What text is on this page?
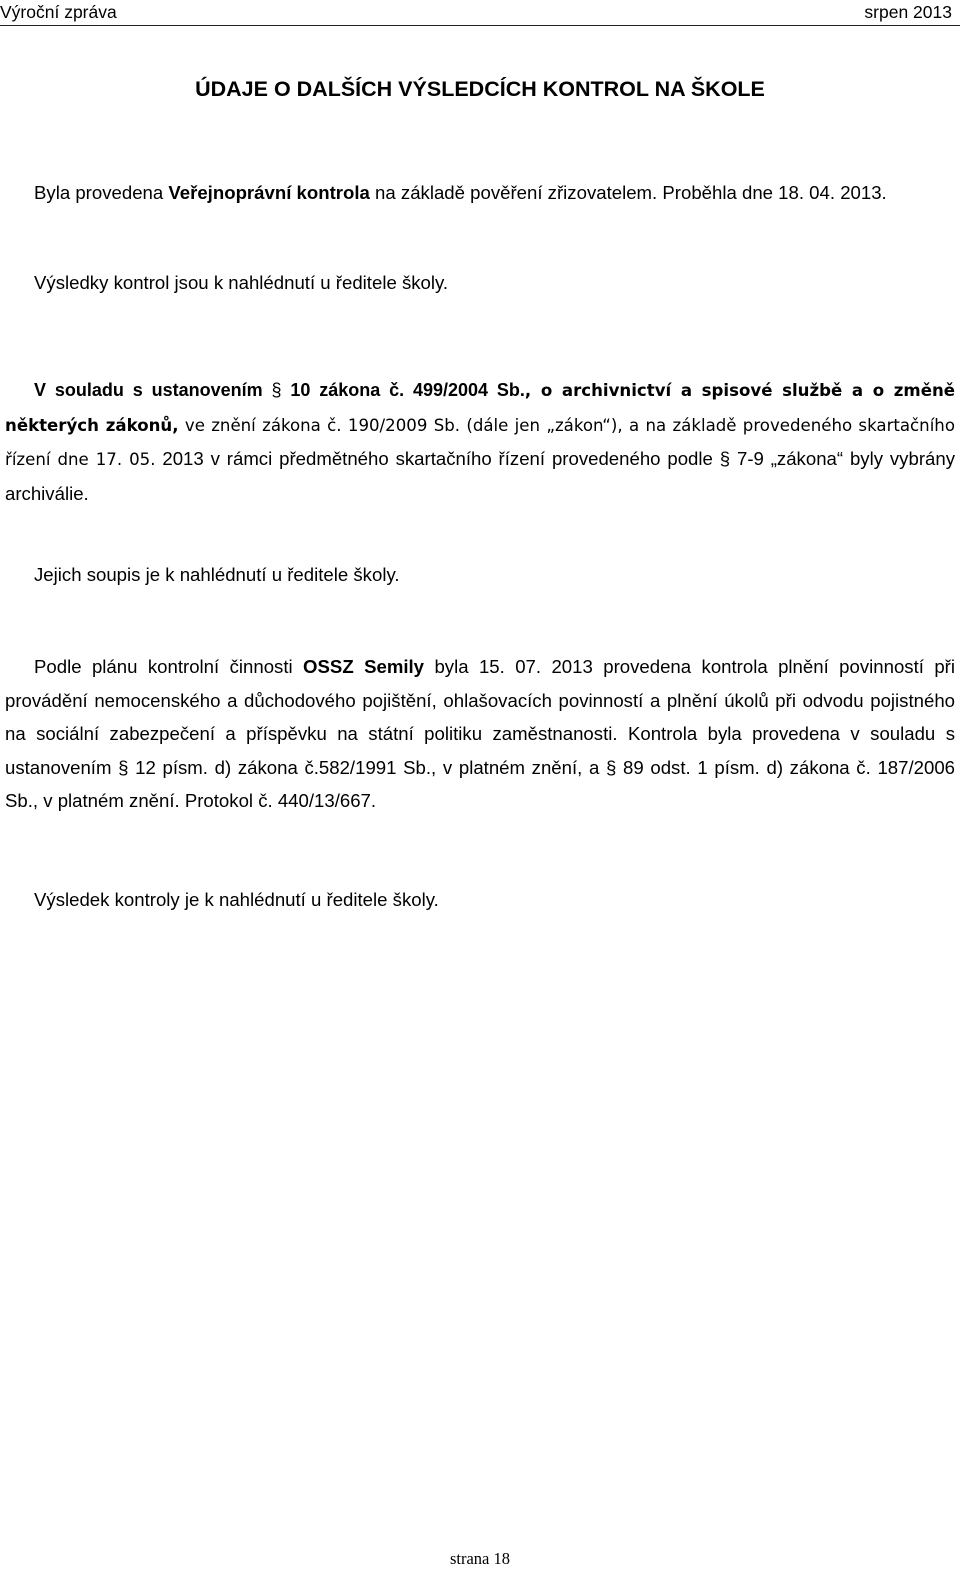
Výroční zpráva	srpen 2013
ÚDAJE O DALŠÍCH VÝSLEDCÍCH KONTROL NA ŠKOLE

Byla provedena Veřejnoprávní kontrola na základě pověření zřizovatelem. Proběhla dne 18. 04. 2013.

Výsledky kontrol jsou k nahlédnutí u ředitele školy.

V souladu s ustanovením § 10 zákona č. 499/2004 Sb., o archivnictví a spisové službě a o změně některých zákonů, ve znění zákona č. 190/2009 Sb. (dále jen „zákon“), a na základě provedeného skartačního řízení dne 17. 05. 2013 v rámci předmětného skartačního řízení provedeného podle § 7-9 „zákona“ byly vybrány archiválie.

Jejich soupis je k nahlédnutí u ředitele školy.

Podle plánu kontrolní činnosti OSSZ Semily byla 15. 07. 2013 provedena kontrola plnění povinností při provádění nemocenského a důchodového pojištění, ohlašovacích povinností a plnění úkolů při odvodu pojistného na sociální zabezpečení a příspěvku na státní politiku zaměstnanosti. Kontrola byla provedena v souladu s ustanovením § 12 písm. d) zákona č.582/1991 Sb., v platném znění, a § 89 odst. 1 písm. d) zákona č. 187/2006 Sb., v platném znění. Protokol č. 440/13/667.

Výsledek kontroly je k nahlédnutí u ředitele školy.

strana 18
